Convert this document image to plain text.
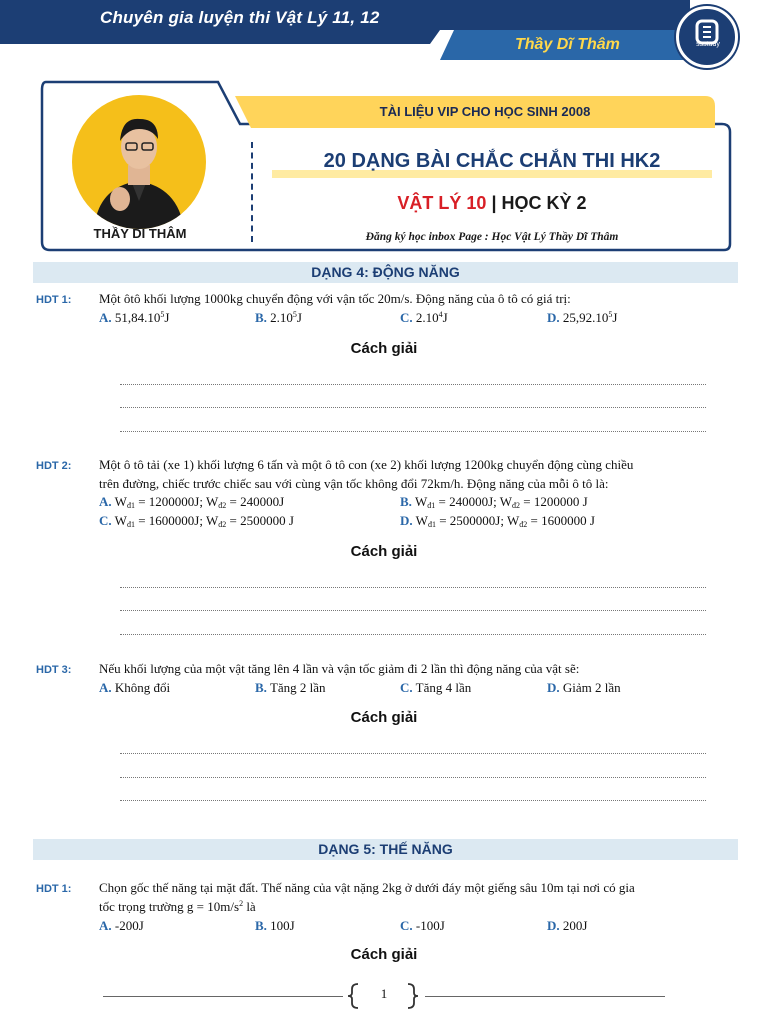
Chuyên gia luyện thi Vật Lý 11, 12
Thầy Dĩ Thâm	ssstudy
TÀI LIỆU VIP CHO HỌC SINH 2008
THẦY DĨ THÂM
20 DẠNG BÀI CHẮC CHẮN THI HK2
VẬT LÝ 10 | HỌC KỲ 2
Đăng ký học inbox Page : Học Vật Lý Thầy Dĩ Thâm
DẠNG 4: ĐỘNG NĂNG
HDT 1: Một ôtô khối lượng 1000kg chuyển động với vận tốc 20m/s. Động năng của ô tô có giá trị:
A. 51,84.10$^5$J	B. 2.10$^5$J	C. 2.10$^4$J	D. 25,92.10$^5$J
Cách giải
HDT 2: Một ô tô tải (xe 1) khối lượng 6 tấn và một ô tô con (xe 2) khối lượng 1200kg chuyển động cùng chiều
trên đường, chiếc trước chiếc sau với cùng vận tốc không đổi 72km/h. Động năng của mỗi ô tô là:
A. $W_{đ1} = 1200000J$; $W_{đ2} = 240000J$	B. $W_{đ1} = 240000J$; $W_{đ2} = 1200000$ J
C. $W_{đ1} = 1600000J$; $W_{đ2} = 2500000$ J	D. $W_{đ1} = 2500000J$; $W_{đ2} = 1600000$ J
Cách giải
HDT 3: Nếu khối lượng của một vật tăng lên 4 lần và vận tốc giảm đi 2 lần thì động năng của vật sẽ:
A. Không đổi	B. Tăng 2 lần	C. Tăng 4 lần	D. Giảm 2 lần
Cách giải
DẠNG 5: THẾ NĂNG
HDT 1: Chọn gốc thế năng tại mặt đất. Thế năng của vật nặng 2kg ở dưới đáy một giếng sâu 10m tại nơi có gia
tốc trọng trường $g = 10m/s^2$ là
A. -200J	B. 100J	C. -100J	D. 200J
Cách giải
1
